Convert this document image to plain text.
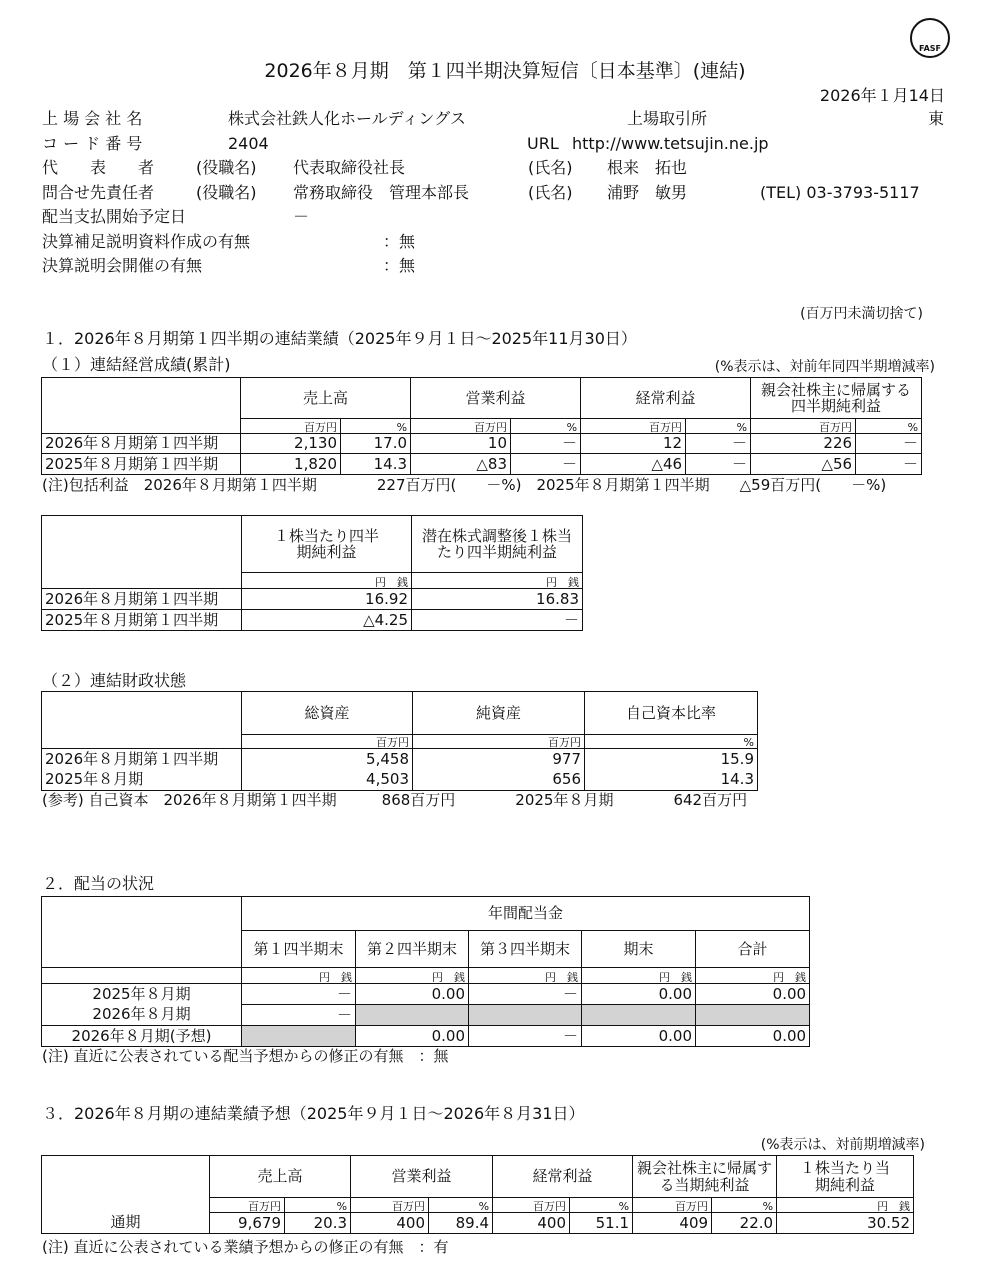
FASF
2026年８月期　第１四半期決算短信〔日本基準〕(連結)
2026年１月14日
上 場 会 社 名	株式会社鉄人化ホールディングス	上場取引所	東
コ ー ド 番 号	2404	URL http://www.tetsujin.ne.jp
代　　表　　者	(役職名) 代表取締役社長	(氏名) 根来　拓也
問合せ先責任者	(役職名) 常務取締役　管理本部長	(氏名) 浦野　敏男	(TEL) 03-3793-5117
配当支払開始予定日	－
決算補足説明資料作成の有無	：無
決算説明会開催の有無	：無
(百万円未満切捨て)
１．2026年８月期第１四半期の連結業績（2025年９月１日～2025年11月30日）
（１）連結経営成績(累計)	(%表示は、対前年同四半期増減率)
	売上高		営業利益		経常利益		親会社株主に帰属する四半期純利益	
	百万円	%	百万円	%	百万円	%	百万円	%
2026年８月期第１四半期	2,130	17.0	10	－	12	－	226	－
2025年８月期第１四半期	1,820	14.3	△83	－	△46	－	△56	－
(注)包括利益　2026年８月期第１四半期　　　　227百万円(　　－%)　2025年８月期第１四半期　　△59百万円(　　－%)
	１株当たり四半期純利益	潜在株式調整後１株当たり四半期純利益
	円　銭	円　銭
2026年８月期第１四半期	16.92	16.83
2025年８月期第１四半期	△4.25	－
（２）連結財政状態
	総資産	純資産	自己資本比率
	百万円	百万円	%
2026年８月期第１四半期	5,458	977	15.9
2025年８月期	4,503	656	14.3
(参考) 自己資本　2026年８月期第１四半期　　　868百万円　　　　2025年８月期　　　　642百万円
２．配当の状況
	年間配当金				
	第１四半期末	第２四半期末	第３四半期末	期末	合計
	円　銭	円　銭	円　銭	円　銭	円　銭
2025年８月期	－	0.00	－	0.00	0.00
2026年８月期	－				
2026年８月期(予想)		0.00	－	0.00	0.00
(注) 直近に公表されている配当予想からの修正の有無　：無
３．2026年８月期の連結業績予想（2025年９月１日～2026年８月31日）
(%表示は、対前期増減率)
	売上高		営業利益		経常利益		親会社株主に帰属する当期純利益		１株当たり当期純利益
	百万円	%	百万円	%	百万円	%	百万円	%	円　銭
通期	9,679	20.3	400	89.4	400	51.1	409	22.0	30.52
(注) 直近に公表されている業績予想からの修正の有無　：有
